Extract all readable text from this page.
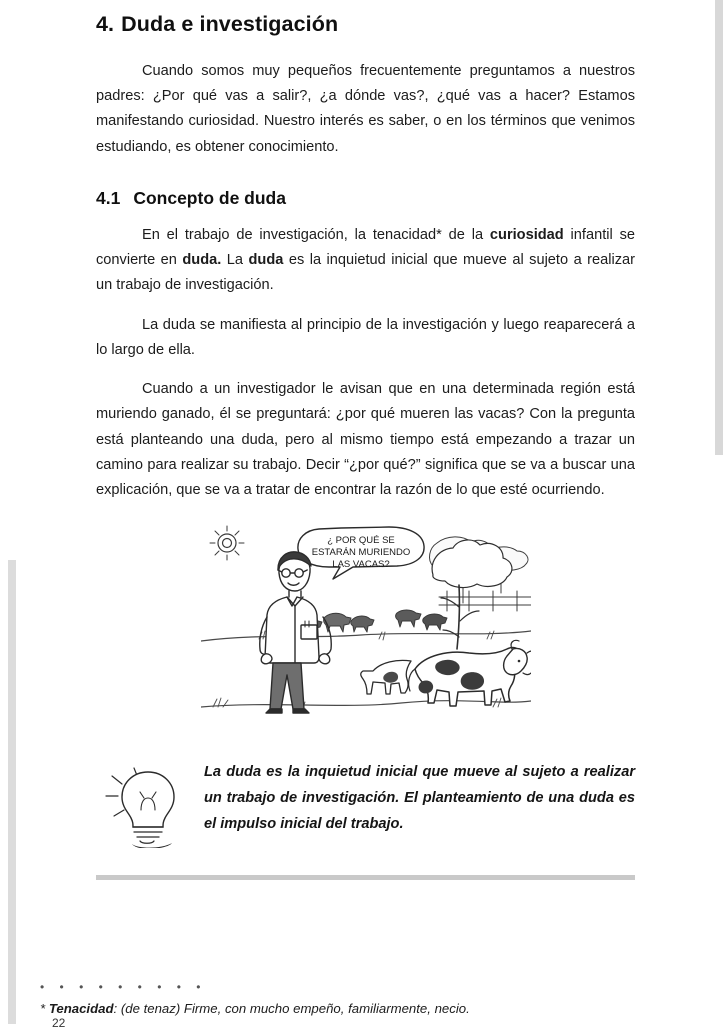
4. Duda e investigación

Cuando somos muy pequeños frecuentemente preguntamos a nuestros padres: ¿Por qué vas a salir?, ¿a dónde vas?, ¿qué vas a hacer? Estamos manifestando curiosidad. Nuestro interés es saber, o en los términos que venimos estudiando, es obtener conocimiento.

4.1 Concepto de duda

En el trabajo de investigación, la tenacidad* de la curiosidad infantil se convierte en duda. La duda es la inquietud inicial que mueve al sujeto a realizar un trabajo de investigación.

La duda se manifiesta al principio de la investigación y luego reaparecerá a lo largo de ella.

Cuando a un investigador le avisan que en una determinada región está muriendo ganado, él se preguntará: ¿por qué mueren las vacas? Con la pregunta está planteando una duda, pero al mismo tiempo está empezando a trazar un camino para realizar su trabajo. Decir “¿por qué?” significa que se va a buscar una explicación, que se va a tratar de encontrar la razón de lo que esté ocurriendo.

¿ POR QUÉ SE
ESTARÁN MURIENDO
LAS VACAS?
La duda es la inquietud inicial que mueve al sujeto a realizar un trabajo de investigación. El planteamiento de una duda es el impulso inicial del trabajo.
• • • • • • • • •
* Tenacidad: (de tenaz) Firme, con mucho empeño, familiarmente, necio.
22
